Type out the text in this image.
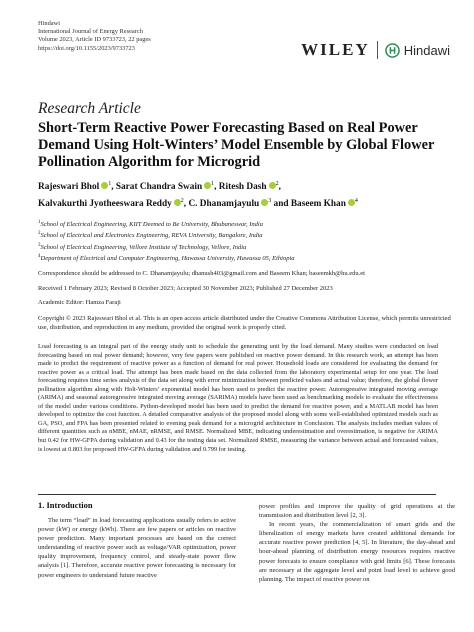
Hindawi
International Journal of Energy Research
Volume 2023, Article ID 9733723, 22 pages
https://doi.org/10.1155/2023/9733723	WILEY	Hindawi
Research Article
Short-Term Reactive Power Forecasting Based on Real Power Demand Using Holt-Winters’ Model Ensemble by Global Flower Pollination Algorithm for Microgrid
Rajeswari Bhol $^1$, Sarat Chandra Swain $^1$, Ritesh Dash $^2$,
Kalvakurthi Jyotheeswara Reddy $^2$, C. Dhanamjayulu $^3$ and Baseem Khan $^4$
$^1$School of Electrical Engineering, KIIT Deemed to Be University, Bhubaneswar, India
$^2$School of Electrical and Electronics Engineering, REVA University, Bangalore, India
$^3$School of Electrical Engineering, Vellore Institute of Technology, Vellore, India
$^4$Department of Electrical and Computer Engineering, Hawassa University, Hawassa 05, Ethiopia
Correspondence should be addressed to C. Dhanamjayulu; dhanush403@gmail.com and Baseem Khan; baseemkh@hu.edu.et
Received 1 February 2023; Revised 8 October 2023; Accepted 30 November 2023; Published 27 December 2023
Academic Editor: Hamza Faraji
Copyright © 2023 Rajeswari Bhol et al. This is an open access article distributed under the Creative Commons Attribution License, which permits unrestricted use, distribution, and reproduction in any medium, provided the original work is properly cited.
Load forecasting is an integral part of the energy study unit to schedule the generating unit by the load demand. Many studies were conducted on load forecasting based on real power demand; however, very few papers were published on reactive power demand. In this research work, an attempt has been made to predict the requirement of reactive power as a function of demand for real power. Household loads are considered for evaluating the demand for reactive power as a critical load. The attempt has been made based on the data collected from the laboratory experimental setup for one year. The load forecasting requires time series analysis of the data set along with error minimization between predicted values and actual value; therefore, the global flower pollination algorithm along with Holt-Winters’ exponential model has been used to predict the reactive power. Autoregressive integrated moving average (ARIMA) and seasonal autoregressive integrated moving average (SARIMA) models have been used as benchmarking models to evaluate the effectiveness of the model under various conditions. Python-developed model has been used to predict the demand for reactive power, and a MATLAB model has been developed to optimize the cost function. A detailed comparative analysis of the proposed model along with some well-established optimized models such as GA, PSO, and FPA has been presented related to evening peak demand for a microgrid architecture in Conclusion. The analysis includes median values of different quantities such as nMBE, nMAE, nRMSE, and RMSE. Normalized MBE, indicating underestimation and overestimation, is negative for ARIMA but 0.42 for HW-GFPA during validation and 0.43 for the testing data set. Normalized RMSE, measuring the variance between actual and forecasted values, is lowest at 0.803 for proposed HW-GFPA during validation and 0.799 for testing.
1. Introduction

The term “load” in load forecasting applications usually refers to active power (kW) or energy (kWh). There are few papers or articles on reactive power prediction. Many important processes are based on the correct understanding of reactive power such as voltage/VAR optimization, power quality improvement, frequency control, and steady-state power flow analysis [1]. Therefore, accurate reactive power forecasting is necessary for power engineers to understand future reactive

power profiles and improve the quality of grid operations at the transmission and distribution level [2, 3].

In recent years, the commercialization of smart grids and the liberalization of energy markets have created additional demands for accurate reactive power prediction [4, 5]. In literature, the day-ahead and hour-ahead planning of distribution energy resources requires reactive power forecasts to ensure compliance with grid limits [6]. These forecasts are necessary at the aggregate level and point load level to achieve good planning. The impact of reactive power on
